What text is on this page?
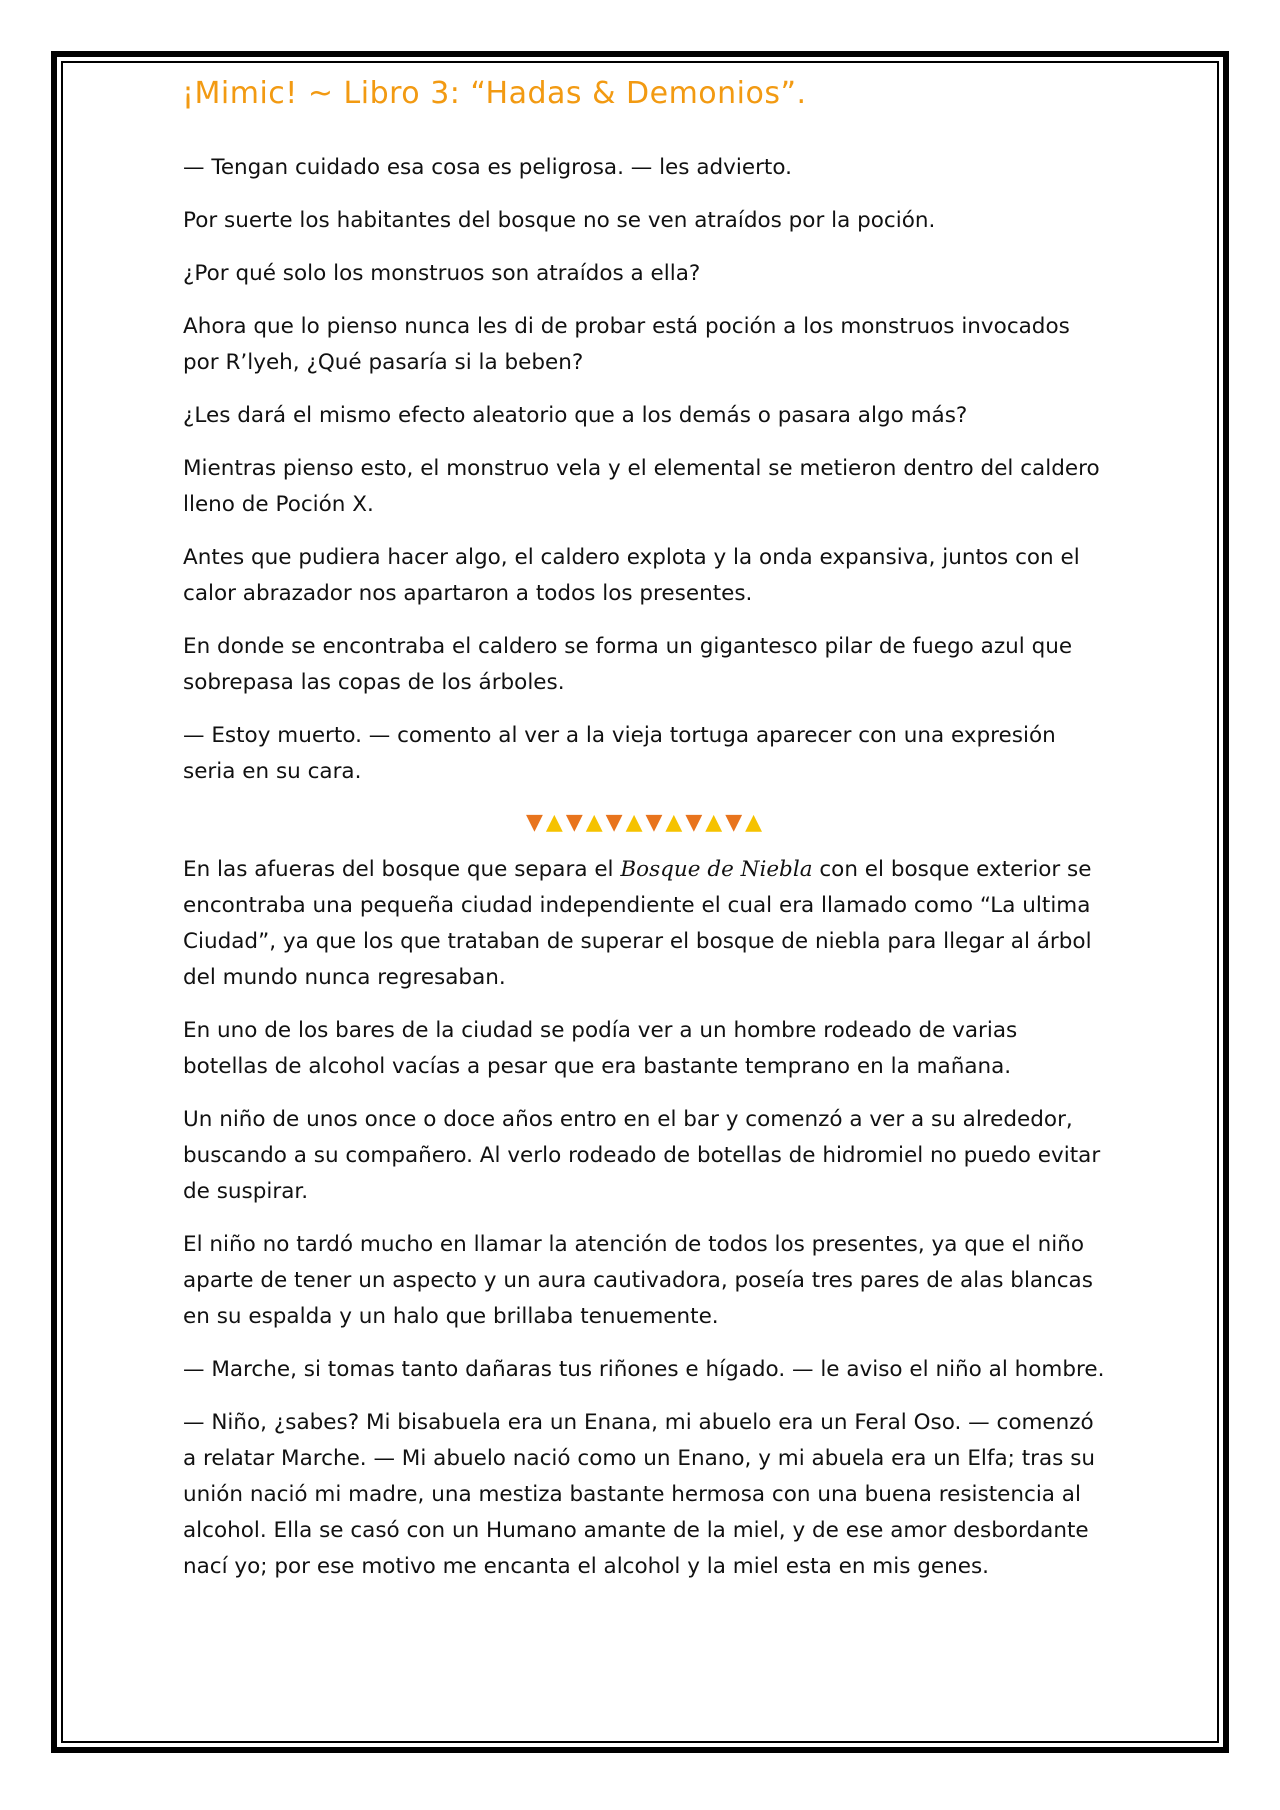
¡Mimic! ~ Libro 3: “Hadas & Demonios”.

— Tengan cuidado esa cosa es peligrosa. — les advierto.

Por suerte los habitantes del bosque no se ven atraídos por la poción.

¿Por qué solo los monstruos son atraídos a ella?

Ahora que lo pienso nunca les di de probar está poción a los monstruos invocados por R’lyeh, ¿Qué pasaría si la beben?

¿Les dará el mismo efecto aleatorio que a los demás o pasara algo más?

Mientras pienso esto, el monstruo vela y el elemental se metieron dentro del caldero lleno de Poción X.

Antes que pudiera hacer algo, el caldero explota y la onda expansiva, juntos con el calor abrazador nos apartaron a todos los presentes.

En donde se encontraba el caldero se forma un gigantesco pilar de fuego azul que sobrepasa las copas de los árboles.

— Estoy muerto. — comento al ver a la vieja tortuga aparecer con una expresión seria en su cara.

▼▲▼▲▼▲▼▲▼▲▼▲

En las afueras del bosque que separa el Bosque de Niebla con el bosque exterior se encontraba una pequeña ciudad independiente el cual era llamado como “La ultima Ciudad”, ya que los que trataban de superar el bosque de niebla para llegar al árbol del mundo nunca regresaban.

En uno de los bares de la ciudad se podía ver a un hombre rodeado de varias botellas de alcohol vacías a pesar que era bastante temprano en la mañana.

Un niño de unos once o doce años entro en el bar y comenzó a ver a su alrededor, buscando a su compañero. Al verlo rodeado de botellas de hidromiel no puedo evitar de suspirar.

El niño no tardó mucho en llamar la atención de todos los presentes, ya que el niño aparte de tener un aspecto y un aura cautivadora, poseía tres pares de alas blancas en su espalda y un halo que brillaba tenuemente.

— Marche, si tomas tanto dañaras tus riñones e hígado. — le aviso el niño al hombre.

— Niño, ¿sabes? Mi bisabuela era un Enana, mi abuelo era un Feral Oso. — comenzó a relatar Marche. — Mi abuelo nació como un Enano, y mi abuela era un Elfa; tras su unión nació mi madre, una mestiza bastante hermosa con una buena resistencia al alcohol. Ella se casó con un Humano amante de la miel, y de ese amor desbordante nací yo; por ese motivo me encanta el alcohol y la miel esta en mis genes.
